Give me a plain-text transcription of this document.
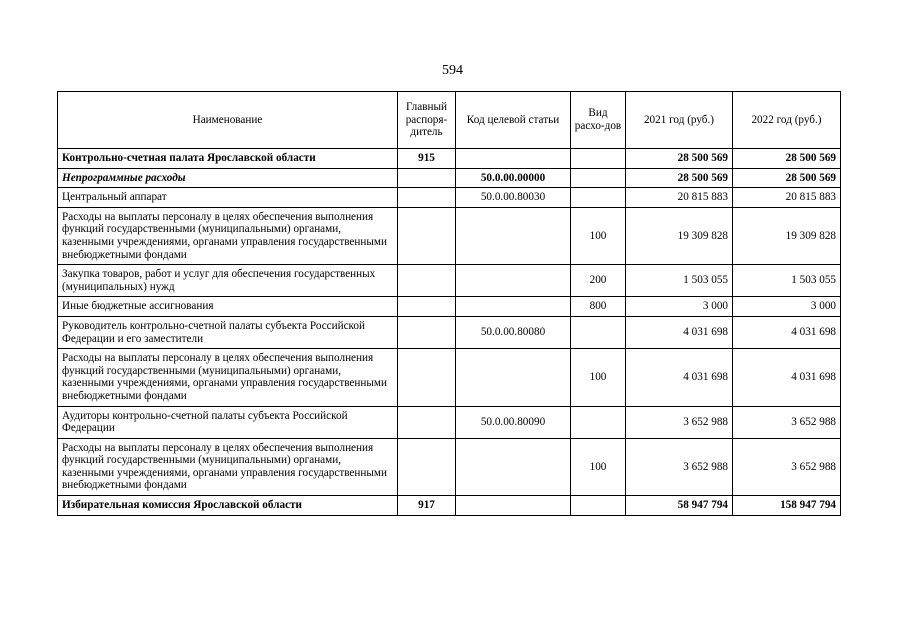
594
Наименование	Главный распоря-дитель	Код целевой статьи	Вид расхо-дов	2021 год (руб.)	2022 год (руб.)
Контрольно-счетная палата Ярославской области	915			28 500 569	28 500 569
Непрограммные расходы		50.0.00.00000		28 500 569	28 500 569
Центральный аппарат		50.0.00.80030		20 815 883	20 815 883
Расходы на выплаты персоналу в целях обеспечения выполнения функций государственными (муниципальными) органами, казенными учреждениями, органами управления государственными внебюджетными фондами			100	19 309 828	19 309 828
Закупка товаров, работ и услуг для обеспечения государственных (муниципальных) нужд			200	1 503 055	1 503 055
Иные бюджетные ассигнования			800	3 000	3 000
Руководитель контрольно-счетной палаты субъекта Российской Федерации и его заместители		50.0.00.80080		4 031 698	4 031 698
Расходы на выплаты персоналу в целях обеспечения выполнения функций государственными (муниципальными) органами, казенными учреждениями, органами управления государственными внебюджетными фондами			100	4 031 698	4 031 698
Аудиторы контрольно-счетной палаты субъекта Российской Федерации		50.0.00.80090		3 652 988	3 652 988
Расходы на выплаты персоналу в целях обеспечения выполнения функций государственными (муниципальными) органами, казенными учреждениями, органами управления государственными внебюджетными фондами			100	3 652 988	3 652 988
Избирательная комиссия Ярославской области	917			58 947 794	158 947 794
